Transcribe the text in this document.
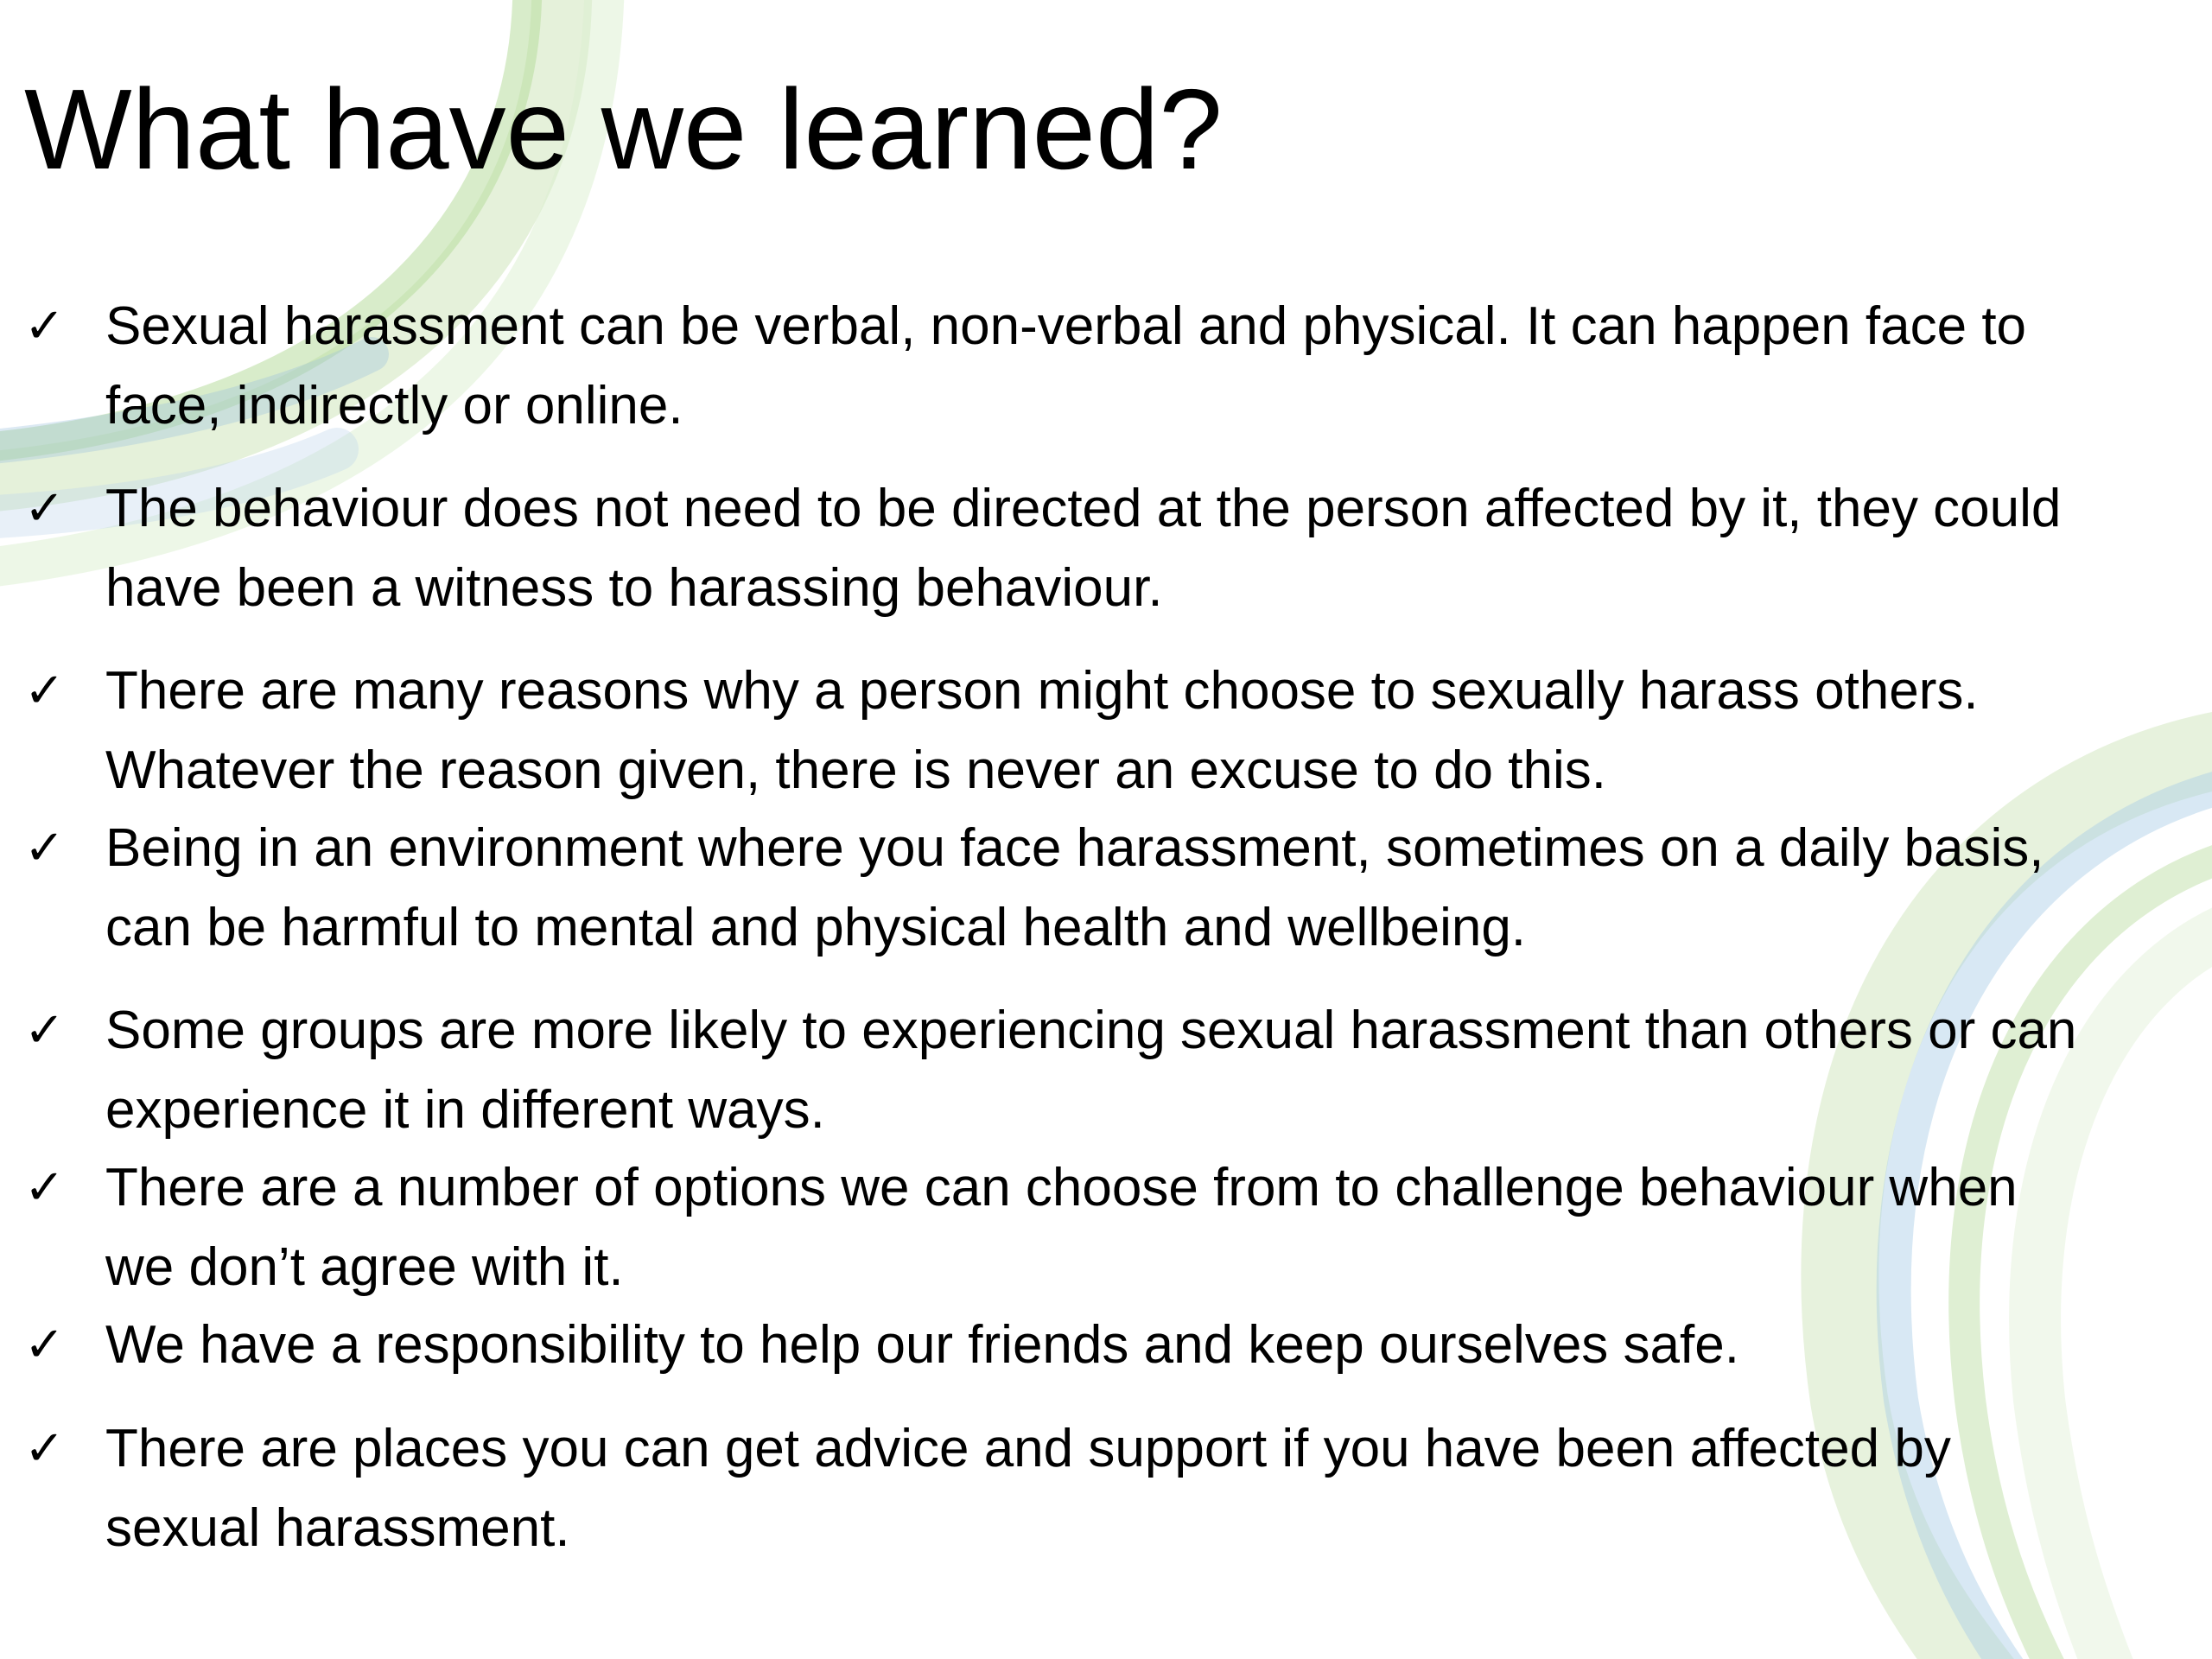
What have we learned?
✓ Sexual harassment can be verbal, non-verbal and physical. It can happen face to
face, indirectly or online.
✓ The behaviour does not need to be directed at the person affected by it, they could
have been a witness to harassing behaviour.
✓ There are many reasons why a person might choose to sexually harass others.
Whatever the reason given, there is never an excuse to do this.
✓ Being in an environment where you face harassment, sometimes on a daily basis,
can be harmful to mental and physical health and wellbeing.
✓ Some groups are more likely to experiencing sexual harassment than others or can
experience it in different ways.
✓ There are a number of options we can choose from to challenge behaviour when
we don’t agree with it.
✓ We have a responsibility to help our friends and keep ourselves safe.
✓ There are places you can get advice and support if you have been affected by
sexual harassment.
